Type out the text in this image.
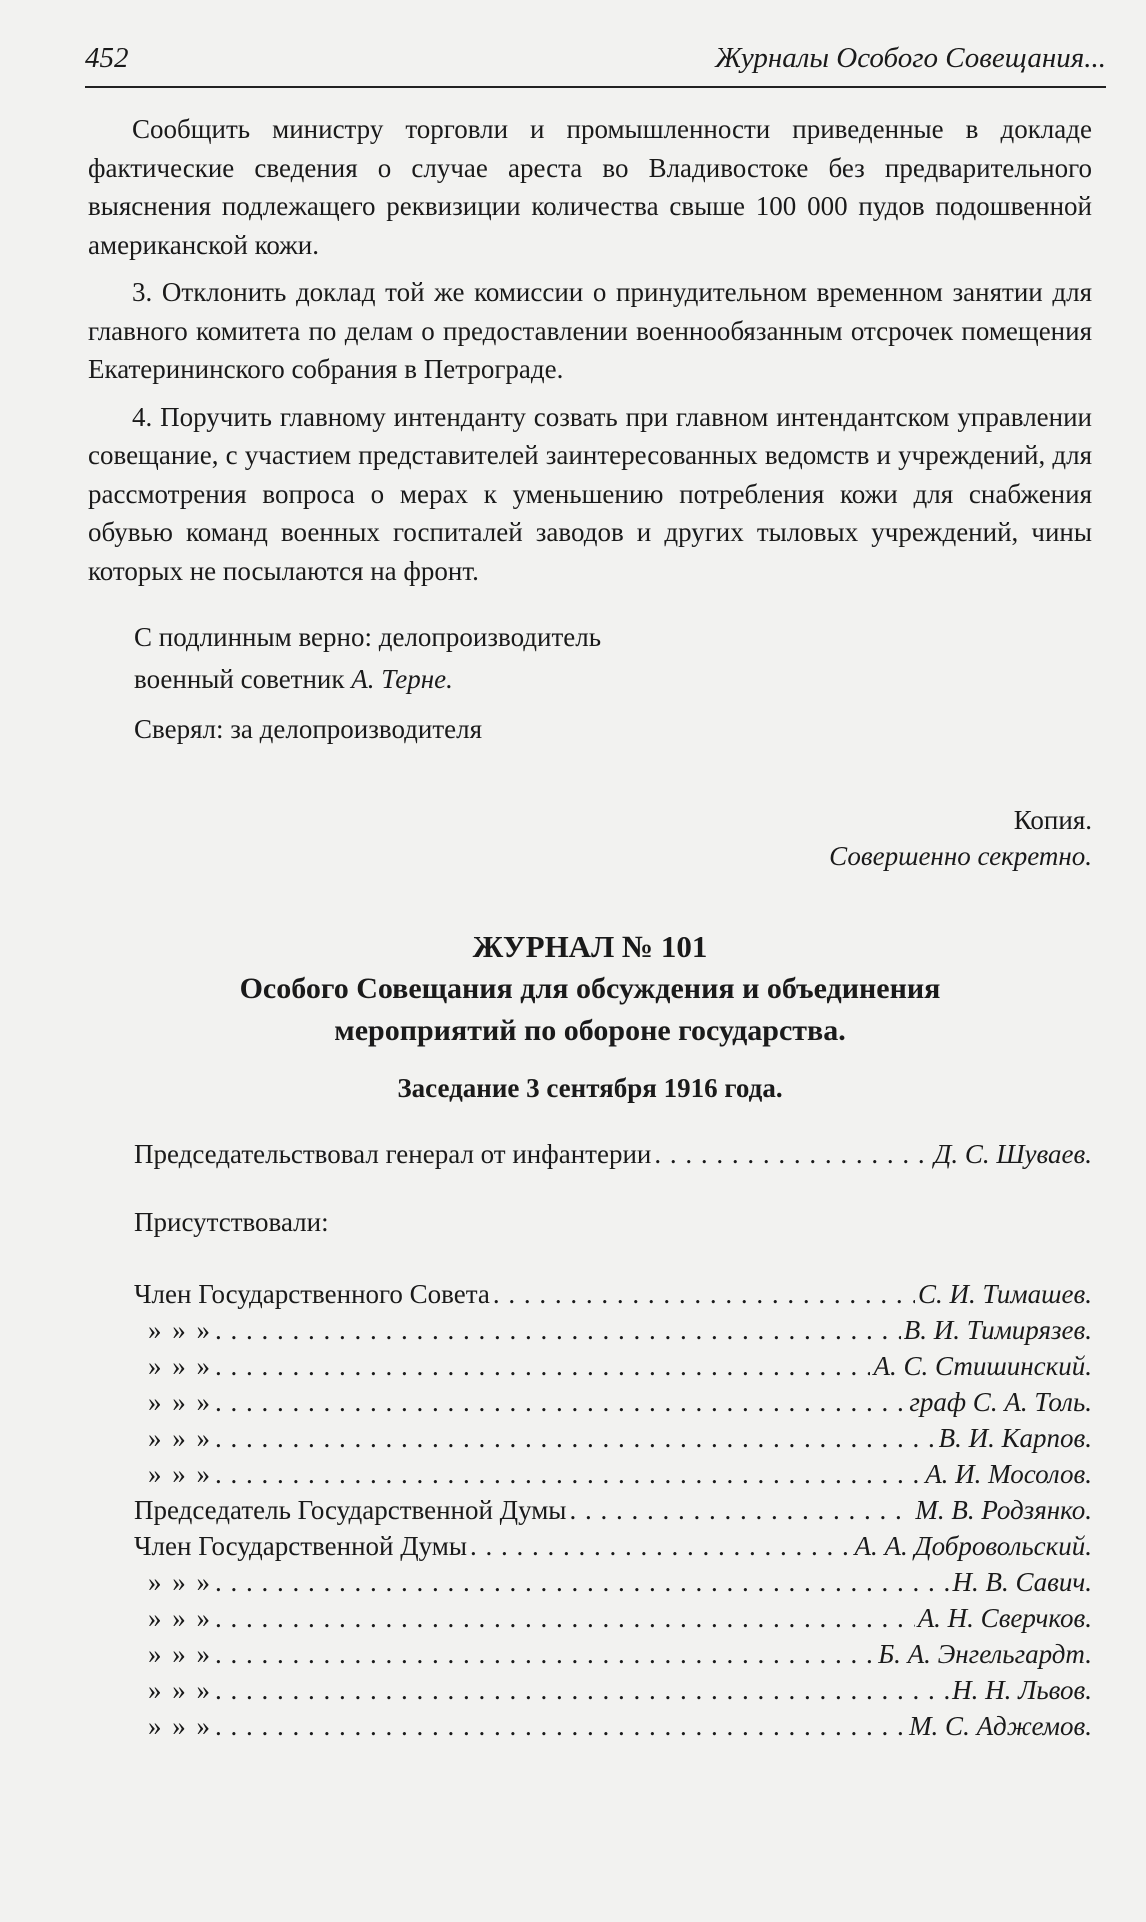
452	Журналы Особого Совещания...

Сообщить министру торговли и промышленности приведенные в докладе фактические сведения о случае ареста во Владивостоке без предварительного выяснения подлежащего реквизиции количества свыше 100 000 пудов подошвенной американской кожи.

3. Отклонить доклад той же комиссии о принудительном временном занятии для главного комитета по делам о предоставлении военнообязанным отсрочек помещения Екатерининского собрания в Петрограде.

4. Поручить главному интенданту созвать при главном интендантском управлении совещание, с участием представителей заинтересованных ведомств и учреждений, для рассмотрения вопроса о мерах к уменьшению потребления кожи для снабжения обувью команд военных госпиталей заводов и других тыловых учреждений, чины которых не посылаются на фронт.

С подлинным верно: делопроизводитель
военный советник А. Терне.
Сверял: за делопроизводителя
Копия.
Совершенно секретно.
ЖУРНАЛ № 101
Особого Совещания для обсуждения и объединения
мероприятий по обороне государства.
Заседание 3 сентября 1916 года.
Председательствовал генерал от инфантерии . . .	Д. С. Шуваев.
Присутствовали:
Член Государственного Совета . . .	С. И. Тимашев.
» » » . . .	В. И. Тимирязев.
» » » . . .	А. С. Стишинский.
» » » . . .	граф С. А. Толь.
» » » . . .	В. И. Карпов.
» » » . . .	А. И. Мосолов.
Председатель Государственной Думы . . .	М. В. Родзянко.
Член Государственной Думы . . .	А. А. Добровольский.
» » » . . .	Н. В. Савич.
» » » . . .	А. Н. Сверчков.
» » » . . .	Б. А. Энгельгардт.
» » » . . .	Н. Н. Львов.
» » » . . .	М. С. Аджемов.
